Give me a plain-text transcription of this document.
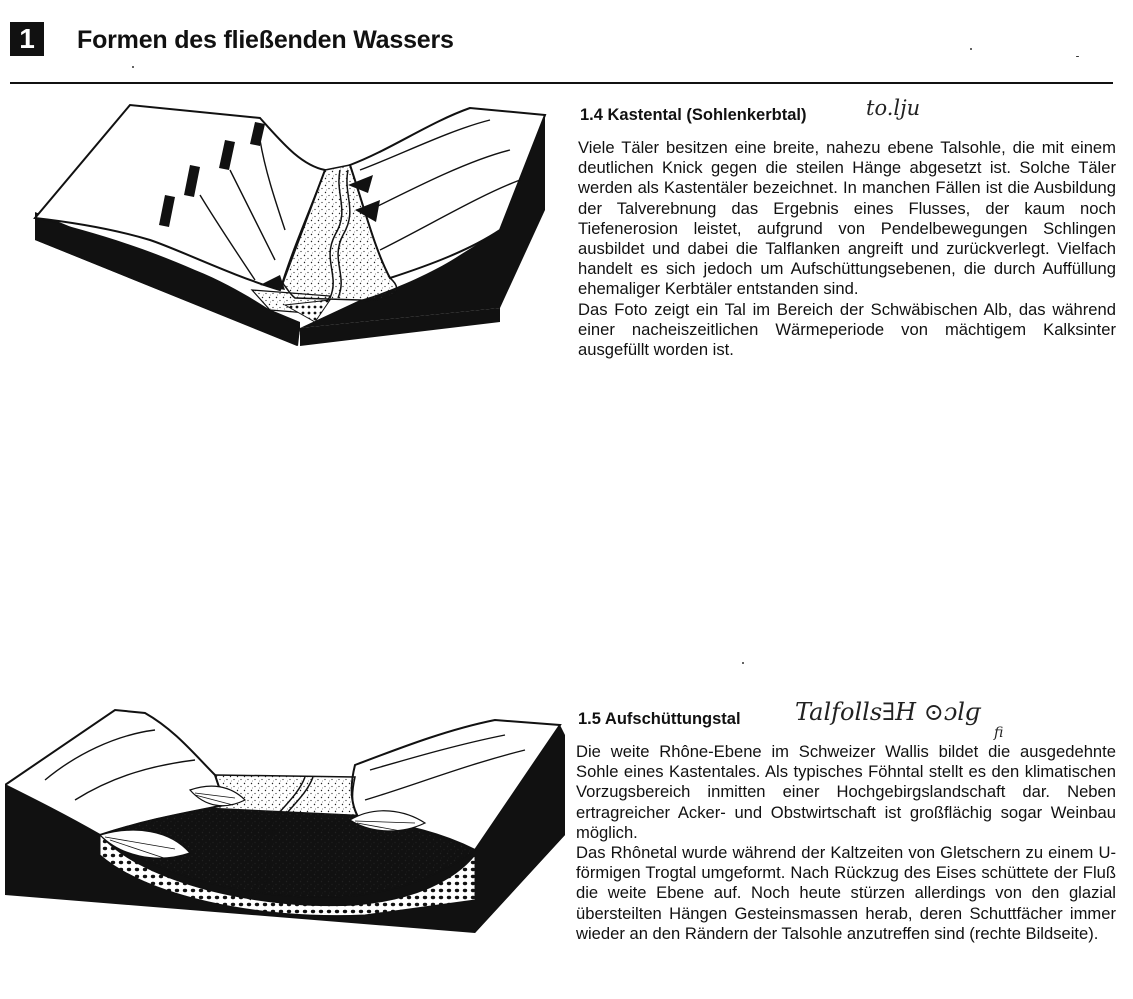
1 Formen des fließenden Wassers
1.4 Kastental (Sohlenkerbtal)	to.lju

Viele Täler besitzen eine breite, nahezu ebene Talsohle, die mit einem deutlichen Knick gegen die steilen Hänge abgesetzt ist. Solche Täler werden als Kastentäler bezeichnet. In manchen Fällen ist die Ausbildung der Talverebnung das Ergebnis eines Flusses, der kaum noch Tiefenerosion leistet, aufgrund von Pendelbewegungen Schlingen ausbildet und dabei die Talflanken angreift und zurückverlegt. Vielfach handelt es sich jedoch um Aufschüttungsebenen, die durch Auffüllung ehemaliger Kerbtäler entstanden sind.

Das Foto zeigt ein Tal im Bereich der Schwäbischen Alb, das während einer nacheiszeitlichen Wärmeperiode von mächtigem Kalksinter ausgefüllt worden ist.

1.5 Aufschüttungstal Talfolls∃H ⊙ɔlɡ
fi

Die weite Rhône-Ebene im Schweizer Wallis bildet die ausgedehnte Sohle eines Kastentales. Als typisches Föhntal stellt es den klimatischen Vorzugsbereich inmitten einer Hochgebirgslandschaft dar. Neben ertragreicher Acker- und Obstwirtschaft ist großflächig sogar Weinbau möglich.

Das Rhônetal wurde während der Kaltzeiten von Gletschern zu einem U-förmigen Trogtal umgeformt. Nach Rückzug des Eises schüttete der Fluß die weite Ebene auf. Noch heute stürzen allerdings von den glazial übersteilten Hängen Gesteinsmassen herab, deren Schuttfächer immer wieder an den Rändern der Talsohle anzutreffen sind (rechte Bildseite).
